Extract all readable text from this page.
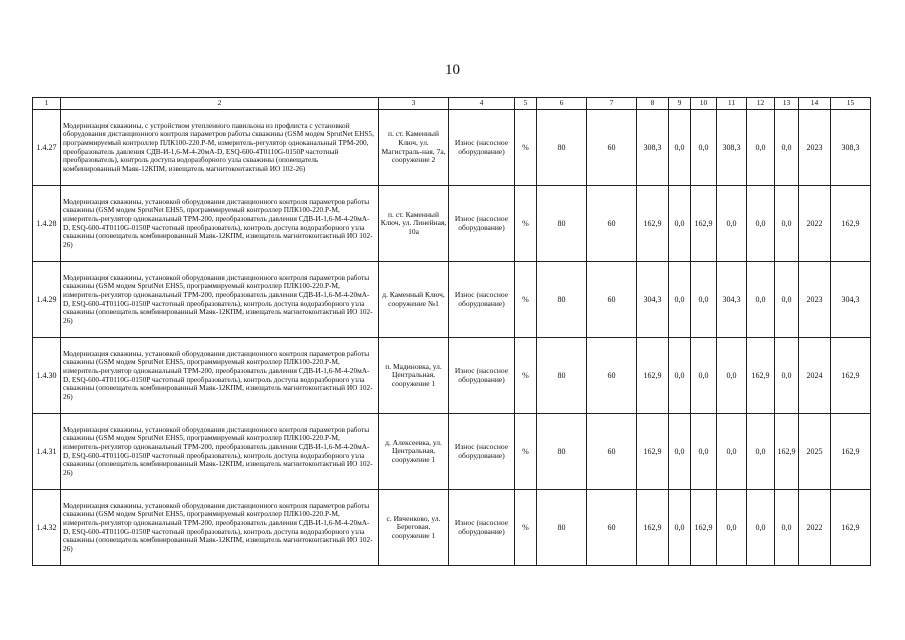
10
1	2	3	4	5	6	7	8	9	10	11	12	13	14	15
1.4.27	Модернизация скважины, с устройством утепленного павильона из профлиста с установкой оборудования дистанционного контроля параметров работы скважины (GSM модем SprutNet EHS5, программируемый контроллер ПЛК100-220.Р-М, измеритель-регулятор одноканальный ТРМ-200, преобразователь давления СДВ-И-1,6-М-4-20мА-D, ESQ-600-4T0110G-0150P частотный преобразователь), контроль доступа водоразборного узла скважины (оповещатель комбинированный Маяк-12КПМ, извещатель магнитоконтактный ИО 102-26)	п. ст. Каменный Ключ, ул. Магистраль-ная, 7а, сооружение 2	Износ (насосное оборудование)	%	80	60	308,3	0,0	0,0	308,3	0,0	0,0	2023	308,3
1.4.28	Модернизация скважины, установкой оборудования дистанционного контроля параметров работы скважины (GSM модем SprutNet EHS5, программируемый контроллер ПЛК100-220.Р-М, измеритель-регулятор одноканальный ТРМ-200, преобразователь давления СДВ-И-1,6-М-4-20мА-D, ESQ-600-4T0110G-0150P частотный преобразователь), контроль доступа водоразборного узла скважины (оповещатель комбинированный Маяк-12КПМ, извещатель магнитоконтактный ИО 102-26)	п. ст. Каменный Ключ, ул. Линейная, 10а	Износ (насосное оборудование)	%	80	60	162,9	0,0	162,9	0,0	0,0	0,0	2022	162,9
1.4.29	Модернизация скважины, установкой оборудования дистанционного контроля параметров работы скважины (GSM модем SprutNet EHS5, программируемый контроллер ПЛК100-220.Р-М, измеритель-регулятор одноканальный ТРМ-200, преобразователь давления СДВ-И-1,6-М-4-20мА-D, ESQ-600-4T0110G-0150P частотный преобразователь), контроль доступа водоразборного узла скважины (оповещатель комбинированный Маяк-12КПМ, извещатель магнитоконтактный ИО 102-26)	д. Каменный Ключ, сооружение №1	Износ (насосное оборудование)	%	80	60	304,3	0,0	0,0	304,3	0,0	0,0	2023	304,3
1.4.30	Модернизация скважины, установкой оборудования дистанционного контроля параметров работы скважины (GSM модем SprutNet EHS5, программируемый контроллер ПЛК100-220.Р-М, измеритель-регулятор одноканальный ТРМ-200, преобразователь давления СДВ-И-1,6-М-4-20мА-D, ESQ-600-4T0110G-0150P частотный преобразователь), контроль доступа водоразборного узла скважины (оповещатель комбинированный Маяк-12КПМ, извещатель магнитоконтактный ИО 102-26)	п. Мадиновка, ул. Центральная, сооружение 1	Износ (насосное оборудование)	%	80	60	162,9	0,0	0,0	0,0	162,9	0,0	2024	162,9
1.4.31	Модернизация скважины, установкой оборудования дистанционного контроля параметров работы скважины (GSM модем SprutNet EHS5, программируемый контроллер ПЛК100-220.Р-М, измеритель-регулятор одноканальный ТРМ-200, преобразователь давления СДВ-И-1,6-М-4-20мА-D, ESQ-600-4T0110G-0150P частотный преобразователь), контроль доступа водоразборного узла скважины (оповещатель комбинированный Маяк-12КПМ, извещатель магнитоконтактный ИО 102-26)	д. Алексеевка, ул. Центральная, сооружение 1	Износ (насосное оборудование)	%	80	60	162,9	0,0	0,0	0,0	0,0	162,9	2025	162,9
1.4.32	Модернизация скважины, установкой оборудования дистанционного контроля параметров работы скважины (GSM модем SprutNet EHS5, программируемый контроллер ПЛК100-220.Р-М, измеритель-регулятор одноканальный ТРМ-200, преобразователь давления СДВ-И-1,6-М-4-20мА-D, ESQ-600-4T0110G-0150P частотный преобразователь), контроль доступа водоразборного узла скважины (оповещатель комбинированный Маяк-12КПМ, извещатель магнитоконтактный ИО 102-26)	с. Ивченково, ул. Береговая, сооружение 1	Износ (насосное оборудование)	%	80	60	162,9	0,0	162,9	0,0	0,0	0,0	2022	162,9
